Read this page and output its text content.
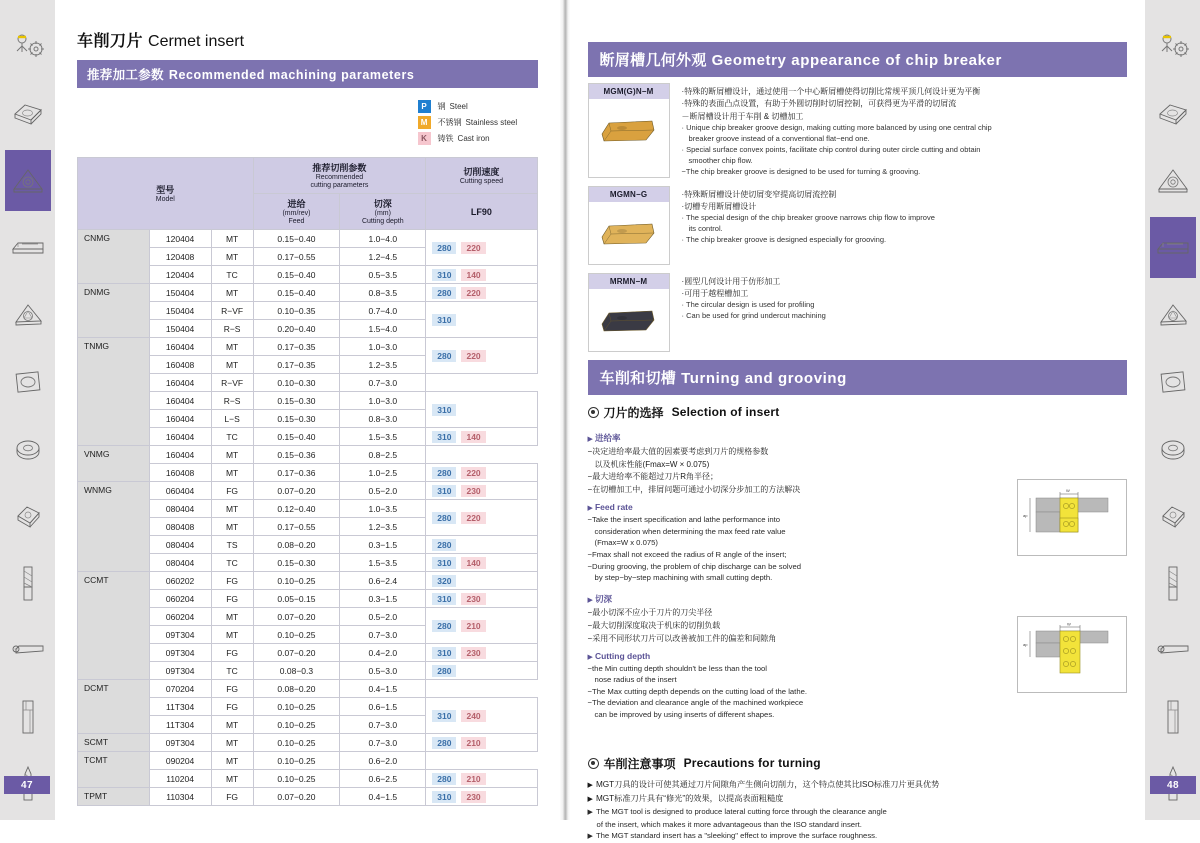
47
车削刀片 Cermet insert
推荐加工参数 Recommended machining parameters
P	钢 Steel
M	不锈钢 Stainless steel
K	铸铁 Cast iron
型号
Model			推荐切削参数
Recommended
cutting parameters		切削速度
Cutting speed

			进给
(mm/rev)
Feed	切深
(mm)
Cutting depth	LF90

CNMG	120404	MT	0.15−0.40	1.0−4.0	280 220

	120408	MT	0.17−0.55	1.2−4.5	
	120404	TC	0.15−0.40	0.5−3.5	310 140

DNMG	150404	MT	0.15−0.40	0.8−3.5	280 220

	150404	R−VF	0.10−0.35	0.7−4.0	310

	150404	R−S	0.20−0.40	1.5−4.0	
TNMG	160404	MT	0.17−0.35	1.0−3.0	280 220

	160408	MT	0.17−0.35	1.2−3.5	
	160404	R−VF	0.10−0.30	0.7−3.0	
	160404	R−S	0.15−0.30	1.0−3.0	310

	160404	L−S	0.15−0.30	0.8−3.0	
	160404	TC	0.15−0.40	1.5−3.5	310 140

VNMG	160404	MT	0.15−0.36	0.8−2.5	
	160408	MT	0.17−0.36	1.0−2.5	280 220

WNMG	060404	FG	0.07−0.20	0.5−2.0	310 230

	080404	MT	0.12−0.40	1.0−3.5	280 220

	080408	MT	0.17−0.55	1.2−3.5	
	080404	TS	0.08−0.20	0.3−1.5	280

	080404	TC	0.15−0.30	1.5−3.5	310 140

CCMT	060202	FG	0.10−0.25	0.6−2.4	320

	060204	FG	0.05−0.15	0.3−1.5	310 230

	060204	MT	0.07−0.20	0.5−2.0	280 210

	09T304	MT	0.10−0.25	0.7−3.0	
	09T304	FG	0.07−0.20	0.4−2.0	310 230

	09T304	TC	0.08−0.3	0.5−3.0	280

DCMT	070204	FG	0.08−0.20	0.4−1.5	
	11T304	FG	0.10−0.25	0.6−1.5	310 240

	11T304	MT	0.10−0.25	0.7−3.0	
SCMT	09T304	MT	0.10−0.25	0.7−3.0	280 210

TCMT	090204	MT	0.10−0.25	0.6−2.0	
	110204	MT	0.10−0.25	0.6−2.5	280 210

TPMT	110304	FG	0.07−0.20	0.4−1.5	310 230
断屑槽几何外观 Geometry appearance of chip breaker
MGM(G)N−M	·特殊的断屑槽设计，通过使用一个中心断屑槽使得切削比常规平顶几何设计更为平衡
·特殊的表面凸点设置，有助于外圆切削时切屑控制，可获得更为平滑的切屑流
－断屑槽设计用于车削 & 切槽加工
· Unique chip breaker groove design, making cutting more balanced by using one central chip
breaker groove instead of a conventional flat−end one.
· Special surface convex points, facilitate chip control during outer circle cutting and obtain
smoother chip flow.
−The chip breaker groove is designed to be used for turning & grooving.
MGMN−G	·特殊断屑槽设计使切屑变窄提高切屑流控制
·切槽专用断屑槽设计
· The special design of the chip breaker groove narrows chip flow to improve
its control.
· The chip breaker groove is designed especially for grooving.
MRMN−M	·圆型几何设计用于仿形加工
·可用于越程槽加工
· The circular design is used for profiling
· Can be used for grind undercut machining
车削和切槽 Turning and grooving
刀片的选择 Selection of insert
▶ 进给率
−决定进给率最大值的因素要考虑到刀片的规格参数
以及机床性能(Fmax=W × 0.075)
−最大进给率不能超过刀片R角半径；
−在切槽加工中，排屑问题可通过小切深分步加工的方法解决
▶ Feed rate
−Take the insert specification and lathe performance into
consideration when determining the max feed rate value
(Fmax=W x 0.075)
−Fmax shall not exceed the radius of R angle of the insert;
−During grooving, the problem of chip discharge can be solved
by step−by−step machining with small cutting depth.
▶ 切深
−最小切深不应小于刀片的刀尖半径
−最大切削深度取决于机床的切削负载
−采用不同形状刀片可以改善被加工件的偏差和间隙角
▶ Cutting depth
−the Min cutting depth shouldn't be less than the tool
nose radius of the insert
−The Max cutting depth depends on the cutting load of the lathe.
−The deviation and clearance angle of the machined workpiece
can be improved by using inserts of different shapes.
W
ap
W
ap
车削注意事项 Precautions for turning
▶ MGT刀具的设计可使其通过刀片间隙角产生侧向切削力，这个特点使其比ISO标准刀片更具优势
▶ MGT标准刀片具有“修光”的效果，以提高表面粗糙度
▶ The MGT tool is designed to produce lateral cutting force through the clearance angle
of the insert, which makes it more advantageous than the ISO standard insert.
▶ The MGT standard insert has a "sleeking" effect to improve the surface roughness.
48
